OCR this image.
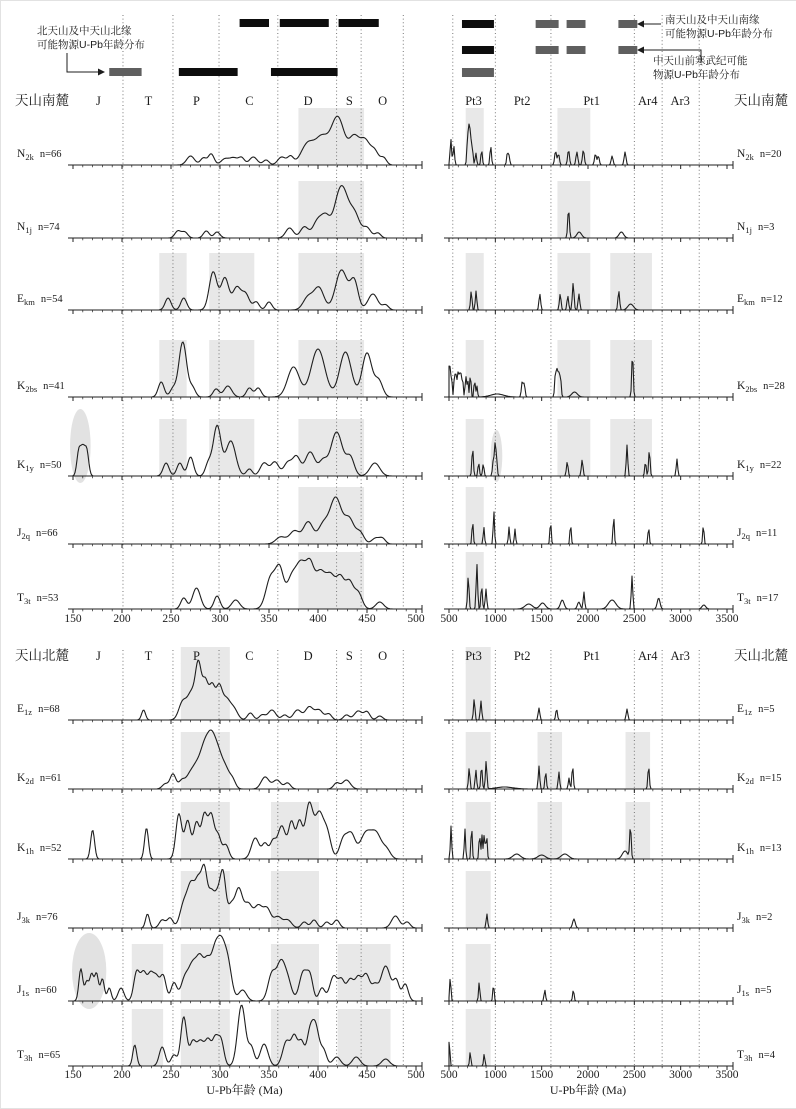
J	T	P	C	D	S O
天山南麓
$N_{2k}$ n=66
$N_{1j}$ n=74
$E_{km}$ n=54
$K_{2bs}$ n=41
$K_{1y}$ n=50
$J_{2q}$ n=66
$T_{3t}$ n=53
150	200	250	300	350	400	450	500
Pt3	Pt2	Pt1	Ar4 Ar3	天山南麓
$N_{2k}$ n=20
$N_{1j}$ n=3
$E_{km}$ n=12
$K_{2bs}$ n=28
$K_{1y}$ n=22
$J_{2q}$ n=11
$T_{3t}$ n=17
500 1000 1500 2000 2500 3000 3500
J	T	P	C	D	S O
天山北麓
$E_{1z}$ n=68
$K_{2d}$ n=61
$K_{1h}$ n=52
$J_{3k}$ n=76
$J_{1s}$ n=60
$T_{3h}$ n=65
150	200	250	300	350	400	450	500
U-Pb年龄 (Ma)
Pt3	Pt2	Pt1	Ar4 Ar3	天山北麓
$E_{1z}$ n=5
$K_{2d}$ n=15
$K_{1h}$ n=13
$J_{3k}$ n=2
$J_{1s}$ n=5
$T_{3h}$ n=4
500 1000 1500 2000 2500 3000 3500
U-Pb年龄 (Ma)
北天山及中天山北缘
可能物源U-Pb年龄分布
南天山及中天山南缘
可能物源U-Pb年龄分布
中天山前寒武纪可能
物源U-Pb年龄分布
